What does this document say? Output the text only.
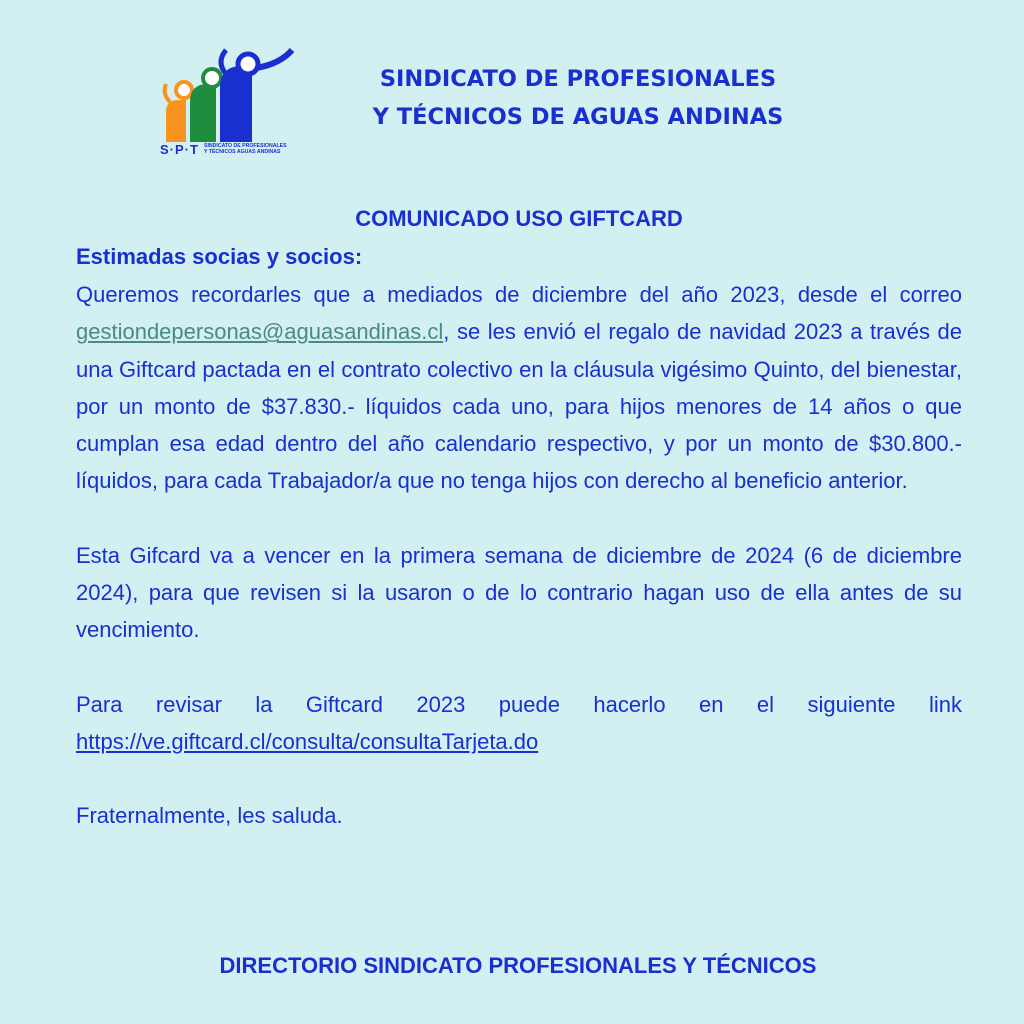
S·P·T SINDICATO DE PROFESIONALES
Y TÉCNICOS AGUAS ANDINAS
SINDICATO DE PROFESIONALES
Y TÉCNICOS DE AGUAS ANDINAS
COMUNICADO USO GIFTCARD
Estimadas socias y socios:

Queremos recordarles que a mediados de diciembre del año 2023, desde el correo gestiondepersonas@aguasandinas.cl, se les envió el regalo de navidad 2023 a través de una Giftcard pactada en el contrato colectivo en la cláusula vigésimo Quinto, del bienestar, por un monto de $37.830.- líquidos cada uno, para hijos menores de 14 años o que cumplan esa edad dentro del año calendario respectivo, y por un monto de $30.800.- líquidos, para cada Trabajador/a que no tenga hijos con derecho al beneficio anterior.

Esta Gifcard va a vencer en la primera semana de diciembre de 2024 (6 de diciembre 2024), para que revisen si la usaron o de lo contrario hagan uso de ella antes de su vencimiento.

Para revisar la Giftcard 2023 puede hacerlo en el siguiente link https://ve.giftcard.cl/consulta/consultaTarjeta.do

Fraternalmente, les saluda.

DIRECTORIO SINDICATO PROFESIONALES Y TÉCNICOS
